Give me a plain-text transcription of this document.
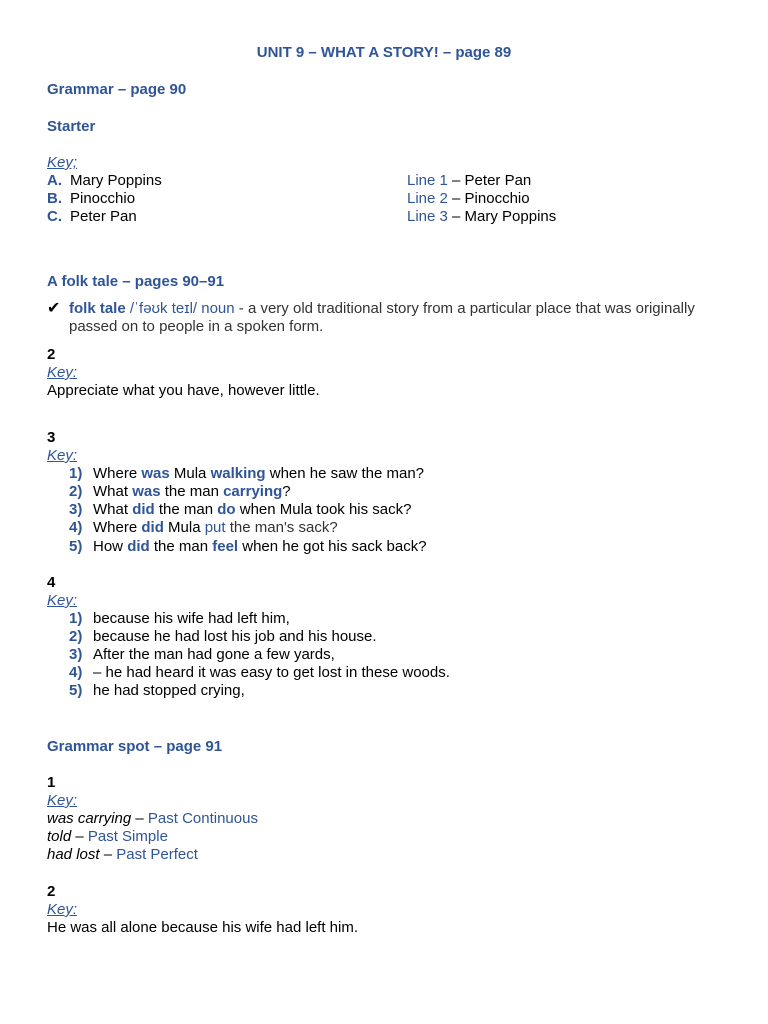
UNIT 9 – WHAT A STORY! – page 89
Grammar – page 90
Starter
Key;
A. Mary Poppins
B. Pinocchio
C. Peter Pan
Line 1 – Peter Pan
Line 2 – Pinocchio
Line 3 – Mary Poppins
A folk tale – pages 90–91
✔ folk tale /ˈfəʊk teɪl/ noun - a very old traditional story from a particular place that was originally passed on to people in a spoken form.
2
Key:
Appreciate what you have, however little.
3
Key:
1) Where was Mula walking when he saw the man?
2) What was the man carrying?
3) What did the man do when Mula took his sack?
4) Where did Mula put the man's sack?
5) How did the man feel when he got his sack back?
4
Key:
1) because his wife had left him,
2) because he had lost his job and his house.
3) After the man had gone a few yards,
4) – he had heard it was easy to get lost in these woods.
5) he had stopped crying,
Grammar spot – page 91
1
Key:
was carrying – Past Continuous
told – Past Simple
had lost – Past Perfect
2
Key:
He was all alone because his wife had left him.
